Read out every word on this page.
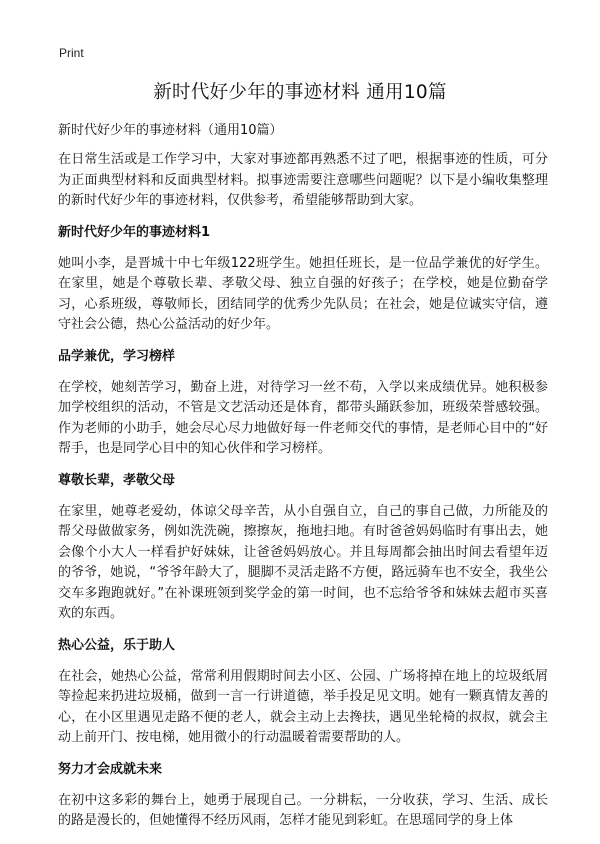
Print
新时代好少年的事迹材料 通用10篇

新时代好少年的事迹材料（通用10篇）

在日常生活或是工作学习中，大家对事迹都再熟悉不过了吧，根据事迹的性质，可分为正面典型材料和反面典型材料。拟事迹需要注意哪些问题呢？以下是小编收集整理的新时代好少年的事迹材料，仅供参考，希望能够帮助到大家。

新时代好少年的事迹材料1

她叫小李，是晋城十中七年级122班学生。她担任班长，是一位品学兼优的好学生。在家里，她是个尊敬长辈、孝敬父母、独立自强的好孩子；在学校，她是位勤奋学习，心系班级，尊敬师长，团结同学的优秀少先队员；在社会，她是位诚实守信，遵守社会公德，热心公益活动的好少年。

品学兼优，学习榜样

在学校，她刻苦学习，勤奋上进，对待学习一丝不苟，入学以来成绩优异。她积极参加学校组织的活动，不管是文艺活动还是体育，都带头踊跃参加，班级荣誉感较强。作为老师的小助手，她会尽心尽力地做好每一件老师交代的事情，是老师心目中的“好帮手，也是同学心目中的知心伙伴和学习榜样。

尊敬长辈，孝敬父母

在家里，她尊老爱幼，体谅父母辛苦，从小自强自立，自己的事自己做，力所能及的帮父母做做家务，例如洗洗碗，擦擦灰，拖地扫地。有时爸爸妈妈临时有事出去，她会像个小大人一样看护好妹妹，让爸爸妈妈放心。并且每周都会抽出时间去看望年迈的爷爷，她说，“爷爷年龄大了，腿脚不灵活走路不方便，路远骑车也不安全，我坐公交车多跑跑就好。”在补课班领到奖学金的第一时间，也不忘给爷爷和妹妹去超市买喜欢的东西。

热心公益，乐于助人

在社会，她热心公益，常常利用假期时间去小区、公园、广场将掉在地上的垃圾纸屑等捡起来扔进垃圾桶，做到一言一行讲道德，举手投足见文明。她有一颗真情友善的心，在小区里遇见走路不便的老人，就会主动上去搀扶，遇见坐轮椅的叔叔，就会主动上前开门、按电梯，她用微小的行动温暖着需要帮助的人。

努力才会成就未来

在初中这多彩的舞台上，她勇于展现自己。一分耕耘，一分收获，学习、生活、成长的路是漫长的，但她懂得不经历风雨，怎样才能见到彩虹。在思瑶同学的身上体
